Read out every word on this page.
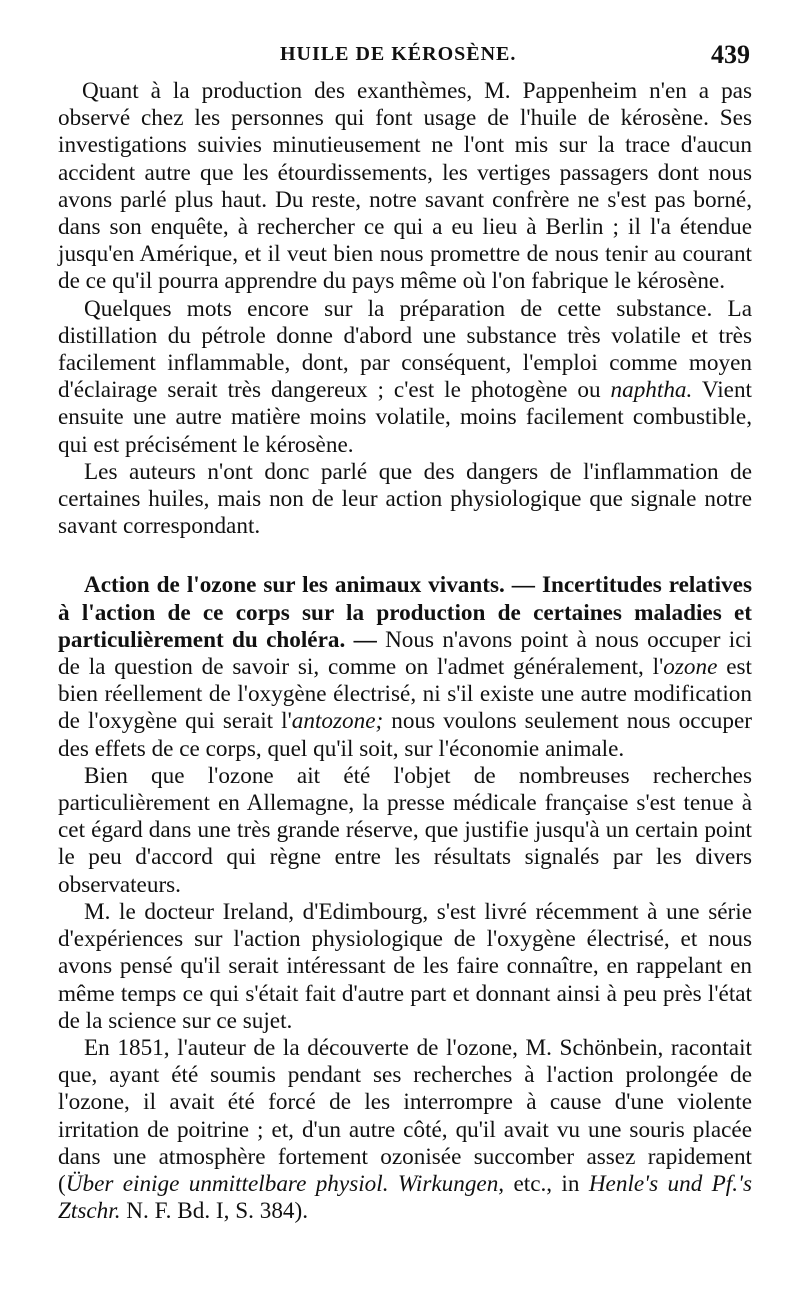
HUILE DE KÉROSÈNE.	439

Quant à la production des exanthèmes, M. Pappenheim n'en a pas observé chez les personnes qui font usage de l'huile de kérosène. Ses investigations suivies minutieusement ne l'ont mis sur la trace d'aucun accident autre que les étourdissements, les vertiges passagers dont nous avons parlé plus haut. Du reste, notre savant confrère ne s'est pas borné, dans son enquête, à rechercher ce qui a eu lieu à Berlin ; il l'a étendue jusqu'en Amérique, et il veut bien nous promettre de nous tenir au courant de ce qu'il pourra apprendre du pays même où l'on fabrique le kérosène.

Quelques mots encore sur la préparation de cette substance. La distillation du pétrole donne d'abord une substance très volatile et très facilement inflammable, dont, par conséquent, l'emploi comme moyen d'éclairage serait très dangereux ; c'est le photogène ou naphtha. Vient ensuite une autre matière moins volatile, moins facilement combustible, qui est précisément le kérosène.

Les auteurs n'ont donc parlé que des dangers de l'inflammation de certaines huiles, mais non de leur action physiologique que signale notre savant correspondant.

Action de l'ozone sur les animaux vivants. — Incertitudes relatives à l'action de ce corps sur la production de certaines maladies et particulièrement du choléra. — Nous n'avons point à nous occuper ici de la question de savoir si, comme on l'admet généralement, l'ozone est bien réellement de l'oxygène électrisé, ni s'il existe une autre modification de l'oxygène qui serait l'antozone; nous voulons seulement nous occuper des effets de ce corps, quel qu'il soit, sur l'économie animale.

Bien que l'ozone ait été l'objet de nombreuses recherches particulièrement en Allemagne, la presse médicale française s'est tenue à cet égard dans une très grande réserve, que justifie jusqu'à un certain point le peu d'accord qui règne entre les résultats signalés par les divers observateurs.

M. le docteur Ireland, d'Edimbourg, s'est livré récemment à une série d'expériences sur l'action physiologique de l'oxygène électrisé, et nous avons pensé qu'il serait intéressant de les faire connaître, en rappelant en même temps ce qui s'était fait d'autre part et donnant ainsi à peu près l'état de la science sur ce sujet.

En 1851, l'auteur de la découverte de l'ozone, M. Schönbein, racontait que, ayant été soumis pendant ses recherches à l'action prolongée de l'ozone, il avait été forcé de les interrompre à cause d'une violente irritation de poitrine ; et, d'un autre côté, qu'il avait vu une souris placée dans une atmosphère fortement ozonisée succomber assez rapidement (Über einige unmittelbare physiol. Wirkungen, etc., in Henle's und Pf.'s Ztschr. N. F. Bd. I, S. 384).
